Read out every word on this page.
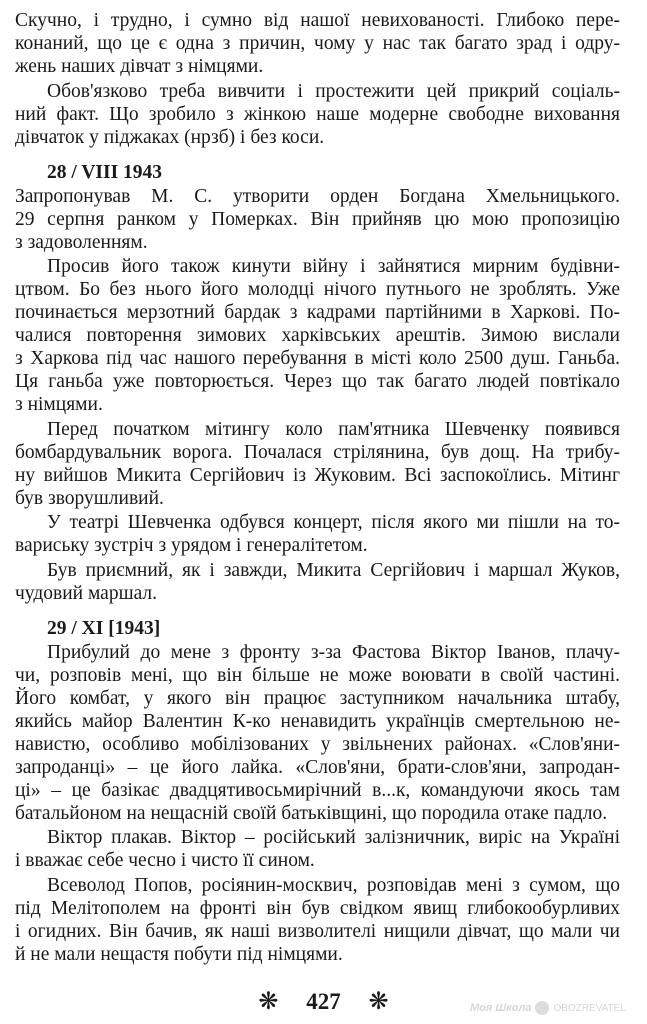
Скучно, і трудно, і сумно від нашої невихованості. Глибоко пере-
конаний, що це є одна з причин, чому у нас так багато зрад і одру-
жень наших дівчат з німцями.
Обов'язково треба вивчити і простежити цей прикрий соціаль-
ний факт. Що зробило з жінкою наше модерне свободне виховання
дівчаток у піджаках (нрзб) і без коси.
28 / VIII 1943
Запропонував М. С. утворити орден Богдана Хмельницького.
29 серпня ранком у Померках. Він прийняв цю мою пропозицію
з задоволенням.
Просив його також кинути війну і зайнятися мирним будівни-
цтвом. Бо без нього його молодці нічого путнього не зроблять. Уже
починається мерзотний бардак з кадрами партійними в Харкові. По-
чалися повторення зимових харківських арештів. Зимою вислали
з Харкова під час нашого перебування в місті коло 2500 душ. Ганьба.
Ця ганьба уже повторюється. Через що так багато людей повтікало
з німцями.
Перед початком мітингу коло пам'ятника Шевченку появився
бомбардувальник ворога. Почалася стрілянина, був дощ. На трибу-
ну вийшов Микита Сергійович із Жуковим. Всі заспокоїлись. Мітинг
був зворушливий.
У театрі Шевченка одбувся концерт, після якого ми пішли на то-
вариську зустріч з урядом і генералітетом.
Був приємний, як і завжди, Микита Сергійович і маршал Жуков,
чудовий маршал.
29 / XI [1943]
Прибулий до мене з фронту з-за Фастова Віктор Іванов, плачу-
чи, розповів мені, що він більше не може воювати в своїй частині.
Його комбат, у якого він працює заступником начальника штабу,
якийсь майор Валентин К-ко ненавидить українців смертельною не-
навистю, особливо мобілізованих у звільнених районах. «Слов'яни-
запроданці» – це його лайка. «Слов'яни, брати-слов'яни, запродан-
ці» – це базікає двадцятивосьмирічний в...к, командуючи якось там
батальйоном на нещасній своїй батьківщині, що породила отаке падло.
Віктор плакав. Віктор – російський залізничник, виріс на Україні
і вважає себе чесно і чисто її сином.
Всеволод Попов, росіянин-москвич, розповідав мені з сумом, що
під Мелітополем на фронті він був свідком явищ глибокообурливих
і огидних. Він бачив, як наші визволителі нищили дівчат, що мали чи
й не мали нещастя побути під німцями.
❋ 427 ❋	Моя Школа OBOZREVATEL
